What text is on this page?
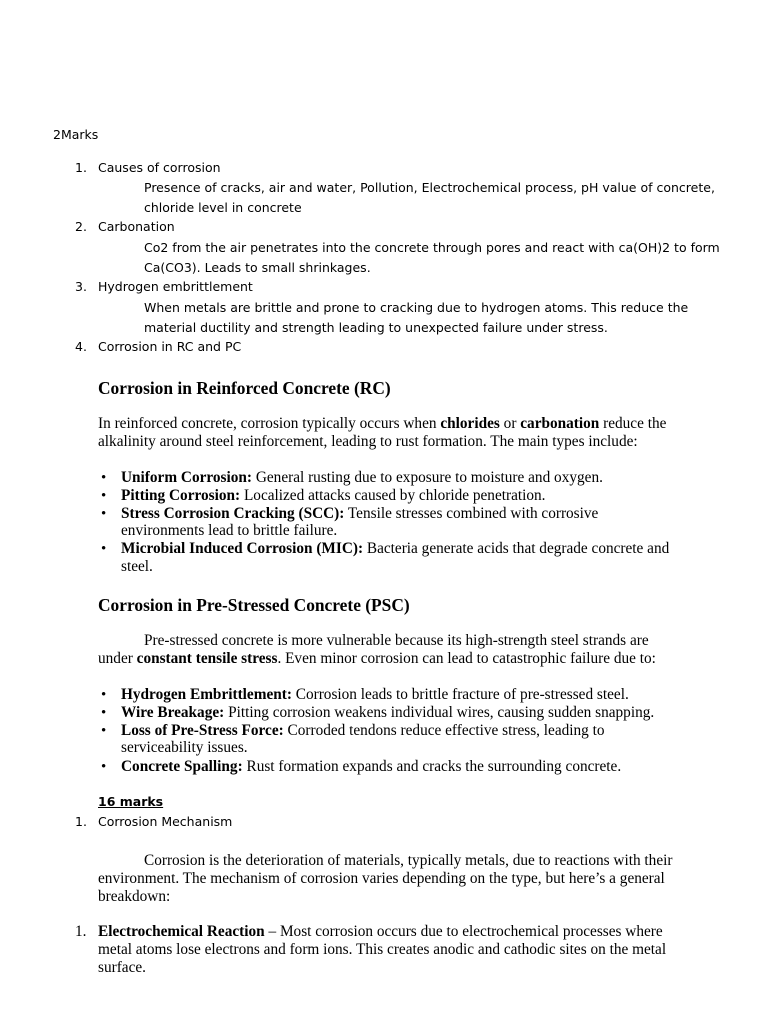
2Marks
1. Causes of corrosion
Presence of cracks, air and water, Pollution, Electrochemical process, pH value of concrete,
chloride level in concrete
2. Carbonation
Co2 from the air penetrates into the concrete through pores and react with ca(OH)2 to form
Ca(CO3). Leads to small shrinkages.
3. Hydrogen embrittlement
When metals are brittle and prone to cracking due to hydrogen atoms. This reduce the
material ductility and strength leading to unexpected failure under stress.
4. Corrosion in RC and PC
Corrosion in Reinforced Concrete (RC)
In reinforced concrete, corrosion typically occurs when chlorides or carbonation reduce the
alkalinity around steel reinforcement, leading to rust formation. The main types include:
• Uniform Corrosion: General rusting due to exposure to moisture and oxygen.
• Pitting Corrosion: Localized attacks caused by chloride penetration.
• Stress Corrosion Cracking (SCC): Tensile stresses combined with corrosive
environments lead to brittle failure.
• Microbial Induced Corrosion (MIC): Bacteria generate acids that degrade concrete and
steel.
Corrosion in Pre-Stressed Concrete (PSC)
Pre-stressed concrete is more vulnerable because its high-strength steel strands are
under constant tensile stress. Even minor corrosion can lead to catastrophic failure due to:
• Hydrogen Embrittlement: Corrosion leads to brittle fracture of pre-stressed steel.
• Wire Breakage: Pitting corrosion weakens individual wires, causing sudden snapping.
• Loss of Pre-Stress Force: Corroded tendons reduce effective stress, leading to
serviceability issues.
• Concrete Spalling: Rust formation expands and cracks the surrounding concrete.
16 marks
1. Corrosion Mechanism
Corrosion is the deterioration of materials, typically metals, due to reactions with their
environment. The mechanism of corrosion varies depending on the type, but here’s a general
breakdown:
1. Electrochemical Reaction – Most corrosion occurs due to electrochemical processes where
metal atoms lose electrons and form ions. This creates anodic and cathodic sites on the metal
surface.
